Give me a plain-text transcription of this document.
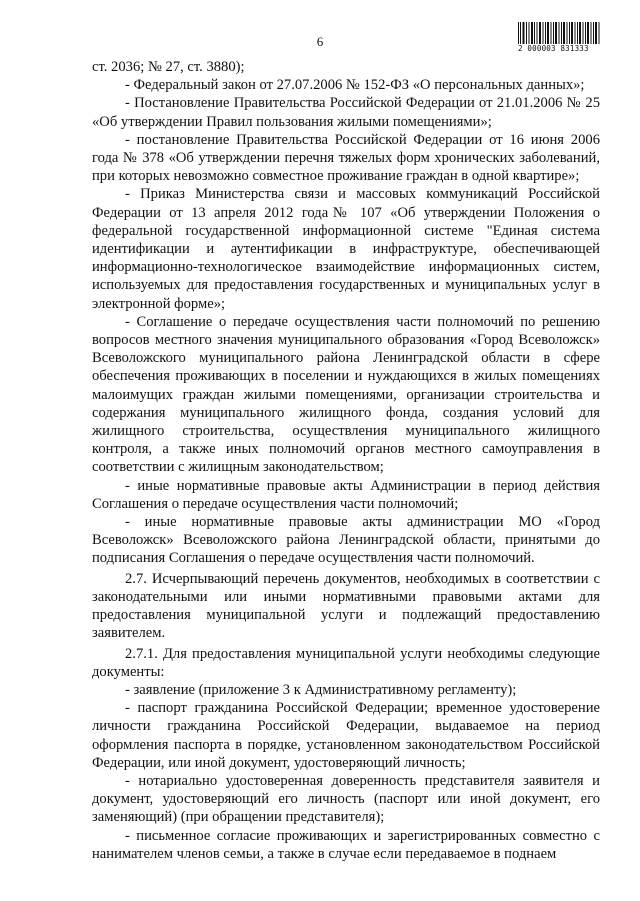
6	2 000003 831333

ст. 2036; № 27, ст. 3880);

- Федеральный закон от 27.07.2006 № 152-ФЗ «О персональных данных»;

- Постановление Правительства Российской Федерации от 21.01.2006 № 25 «Об утверждении Правил пользования жилыми помещениями»;

- постановление Правительства Российской Федерации от 16 июня 2006 года № 378 «Об утверждении перечня тяжелых форм хронических заболеваний, при которых невозможно совместное проживание граждан в одной квартире»;

- Приказ Министерства связи и массовых коммуникаций Российской Федерации от 13 апреля 2012 года№ 107 «Об утверждении Положения о федеральной государственной информационной системе "Единая система идентификации и аутентификации в инфраструктуре, обеспечивающей информационно-технологическое взаимодействие информационных систем, используемых для предоставления государственных и муниципальных услуг в электронной форме»;

- Соглашение о передаче осуществления части полномочий по решению вопросов местного значения муниципального образования «Город Всеволожск» Всеволожского муниципального района Ленинградской области в сфере обеспечения проживающих в поселении и нуждающихся в жилых помещениях малоимущих граждан жилыми помещениями, организации строительства и содержания муниципального жилищного фонда, создания условий для жилищного строительства, осуществления муниципального жилищного контроля, а также иных полномочий органов местного самоуправления в соответствии с жилищным законодательством;

- иные нормативные правовые акты Администрации в период действия Соглашения о передаче осуществления части полномочий;

- иные нормативные правовые акты администрации МО «Город Всеволожск» Всеволожского района Ленинградской области, принятыми до подписания Соглашения о передаче осуществления части полномочий.

2.7. Исчерпывающий перечень документов, необходимых в соответствии с законодательными или иными нормативными правовыми актами для предоставления муниципальной услуги и подлежащий предоставлению заявителем.

2.7.1. Для предоставления муниципальной услуги необходимы следующие документы:

- заявление (приложение 3 к Административному регламенту);

- паспорт гражданина Российской Федерации; временное удостоверение личности гражданина Российской Федерации, выдаваемое на период оформления паспорта в порядке, установленном законодательством Российской Федерации, или иной документ, удостоверяющий личность;

- нотариально удостоверенная доверенность представителя заявителя и документ, удостоверяющий его личность (паспорт или иной документ, его заменяющий) (при обращении представителя);

- письменное согласие проживающих и зарегистрированных совместно с нанимателем членов семьи, а также в случае если передаваемое в поднаем
